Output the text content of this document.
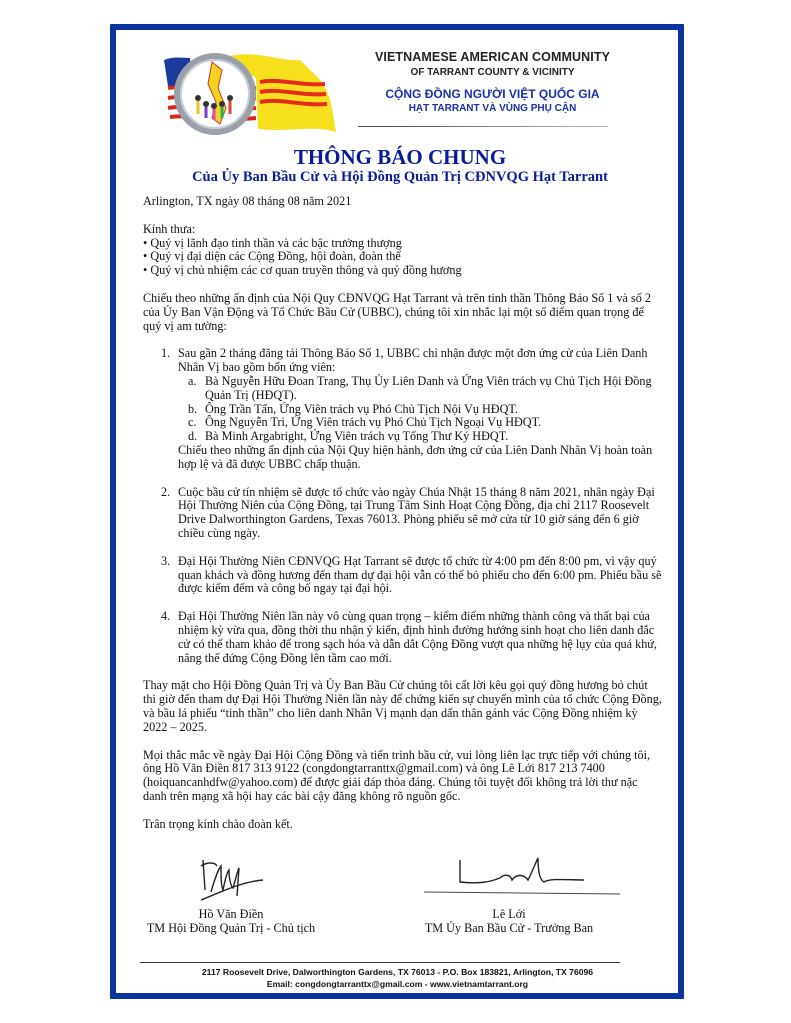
VIETNAMESE AMERICAN COMMUNITY
OF TARRANT COUNTY & VICINITY
CỘNG ĐỒNG NGƯỜI VIỆT QUỐC GIA
HẠT TARRANT VÀ VÙNG PHỤ CẬN
THÔNG BÁO CHUNG
Của Ủy Ban Bầu Cử và Hội Đồng Quản Trị CĐNVQG Hạt Tarrant

Arlington, TX ngày 08 tháng 08 năm 2021

Kính thưa:

• Quý vị lãnh đạo tinh thần và các bậc trưởng thượng

• Quý vị đại diện các Cộng Đồng, hội đoàn, đoàn thể

• Quý vị chủ nhiệm các cơ quan truyền thông và quý đồng hương

Chiếu theo những ấn định của Nội Quy CĐNVQG Hạt Tarrant và trên tinh thần Thông Báo Số 1 và số 2 của Ủy Ban Vận Động và Tổ Chức Bầu Cử (UBBC), chúng tôi xin nhắc lại một số điểm quan trọng để quý vị am tường:

1. Sau gần 2 tháng đăng tải Thông Báo Số 1, UBBC chỉ nhận được một đơn ứng cử của Liên Danh Nhân Vị bao gồm bốn ứng viên:

a. Bà Nguyễn Hữu Đoan Trang, Thụ Ủy Liên Danh và Ứng Viên trách vụ Chủ Tịch Hội Đồng Quản Trị (HĐQT).

b. Ông Trần Tấn, Ứng Viên trách vụ Phó Chủ Tịch Nội Vụ HĐQT.

c. Ông Nguyễn Tri, Ứng Viên trách vụ Phó Chủ Tịch Ngoại Vụ HĐQT.

d. Bà Minh Argabright, Ứng Viên trách vụ Tổng Thư Ký HĐQT.

Chiếu theo những ấn định của Nội Quy hiện hành, đơn ứng cử của Liên Danh Nhân Vị hoàn toàn hợp lệ và đã được UBBC chấp thuận.

2. Cuộc bầu cử tín nhiệm sẽ được tổ chức vào ngày Chúa Nhật 15 tháng 8 năm 2021, nhân ngày Đại Hội Thường Niên của Cộng Đồng, tại Trung Tâm Sinh Hoạt Cộng Đồng, địa chỉ 2117 Roosevelt Drive Dalworthington Gardens, Texas 76013. Phòng phiếu sẽ mở cửa từ 10 giờ sáng đến 6 giờ chiều cùng ngày.

3. Đại Hội Thường Niên CĐNVQG Hạt Tarrant sẽ được tổ chức từ 4:00 pm đến 8:00 pm, vì vậy quý quan khách và đồng hương đến tham dự đại hội vẫn có thể bỏ phiếu cho đến 6:00 pm. Phiếu bầu sẽ được kiểm đếm và công bố ngay tại đại hội.

4. Đại Hội Thường Niên lần này vô cùng quan trọng – kiểm điểm những thành công và thất bại của nhiệm kỳ vừa qua, đồng thời thu nhận ý kiến, định hình đường hướng sinh hoạt cho liên danh đắc cử có thể tham khảo để trong sạch hóa và dẫn dắt Cộng Đồng vượt qua những hệ lụy của quá khứ, nâng thế đứng Cộng Đồng lên tầm cao mới.

Thay mặt cho Hội Đồng Quản Trị và Ủy Ban Bầu Cử chúng tôi cất lời kêu gọi quý đồng hương bỏ chút thì giờ đến tham dự Đại Hội Thường Niên lần này để chứng kiến sự chuyển mình của tổ chức Cộng Đồng, và bầu lá phiếu “tinh thần” cho liên danh Nhân Vị mạnh dạn dấn thân gánh vác Cộng Đồng nhiệm kỳ 2022 – 2025.

Mọi thắc mắc về ngày Đại Hội Cộng Đồng và tiến trình bầu cử, vui lòng liên lạc trực tiếp với chúng tôi, ông Hồ Văn Điền 817 313 9122 (congdongtarranttx@gmail.com) và ông Lê Lới 817 213 7400 (hoiquancanhdfw@yahoo.com) để được giải đáp thỏa đáng. Chúng tôi tuyệt đối không trả lời thư nặc danh trên mạng xã hội hay các bài cậy đăng không rõ nguồn gốc.

Trân trọng kính chào đoàn kết.

Hồ Văn Điền
TM Hội Đồng Quản Trị - Chủ tịch
Lê Lới
TM Ủy Ban Bầu Cử - Trưởng Ban
2117 Roosevelt Drive, Dalworthington Gardens, TX 76013 - P.O. Box 183821, Arlington, TX 76096
Email: congdongtarranttx@gmail.com - www.vietnamtarrant.org
